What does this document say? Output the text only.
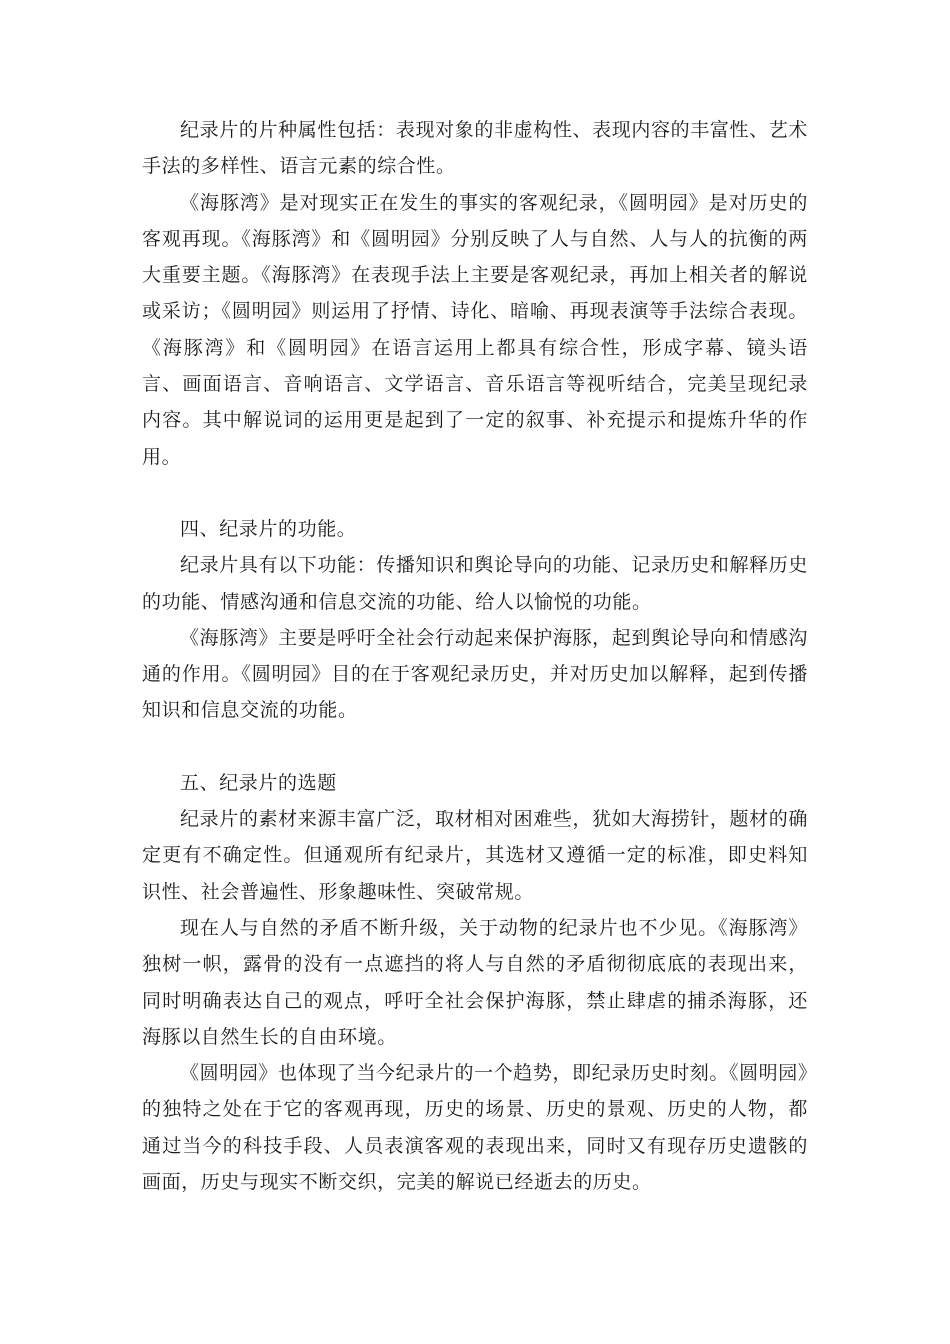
纪录片的片种属性包括：表现对象的非虚构性、表现内容的丰富性、艺术手法的多样性、语言元素的综合性。

《海豚湾》是对现实正在发生的事实的客观纪录，《圆明园》是对历史的客观再现。《海豚湾》和《圆明园》分别反映了人与自然、人与人的抗衡的两大重要主题。《海豚湾》在表现手法上主要是客观纪录，再加上相关者的解说或采访；《圆明园》则运用了抒情、诗化、暗喻、再现表演等手法综合表现。《海豚湾》和《圆明园》在语言运用上都具有综合性，形成字幕、镜头语言、画面语言、音响语言、文学语言、音乐语言等视听结合，完美呈现纪录内容。其中解说词的运用更是起到了一定的叙事、补充提示和提炼升华的作用。

四、纪录片的功能。

纪录片具有以下功能：传播知识和舆论导向的功能、记录历史和解释历史的功能、情感沟通和信息交流的功能、给人以愉悦的功能。

《海豚湾》主要是呼吁全社会行动起来保护海豚，起到舆论导向和情感沟通的作用。《圆明园》目的在于客观纪录历史，并对历史加以解释，起到传播知识和信息交流的功能。

五、纪录片的选题

纪录片的素材来源丰富广泛，取材相对困难些，犹如大海捞针，题材的确定更有不确定性。但通观所有纪录片，其选材又遵循一定的标准，即史料知识性、社会普遍性、形象趣味性、突破常规。

现在人与自然的矛盾不断升级，关于动物的纪录片也不少见。《海豚湾》独树一帜，露骨的没有一点遮挡的将人与自然的矛盾彻彻底底的表现出来，同时明确表达自己的观点，呼吁全社会保护海豚，禁止肆虐的捕杀海豚，还海豚以自然生长的自由环境。

《圆明园》也体现了当今纪录片的一个趋势，即纪录历史时刻。《圆明园》的独特之处在于它的客观再现，历史的场景、历史的景观、历史的人物，都通过当今的科技手段、人员表演客观的表现出来，同时又有现存历史遗骸的画面，历史与现实不断交织，完美的解说已经逝去的历史。
